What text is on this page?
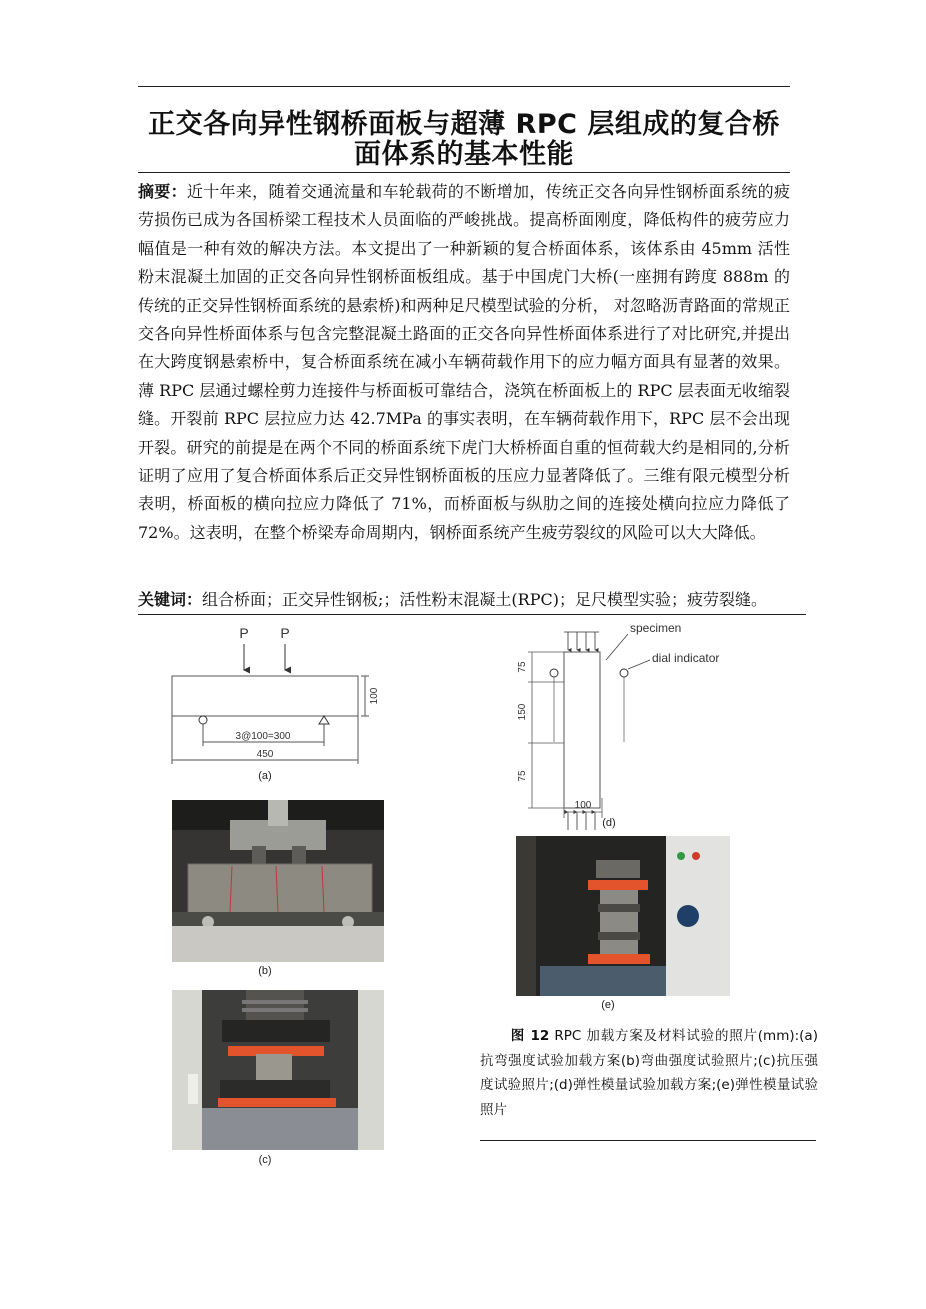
正交各向异性钢桥面板与超薄 RPC 层组成的复合桥面体系的基本性能
摘要：近十年来，随着交通流量和车轮载荷的不断增加，传统正交各向异性钢桥面系统的疲劳损伤已成为各国桥梁工程技术人员面临的严峻挑战。提高桥面刚度，降低构件的疲劳应力幅值是一种有效的解决方法。本文提出了一种新颖的复合桥面体系，该体系由 45mm 活性粉末混凝土加固的正交各向异性钢桥面板组成。基于中国虎门大桥(一座拥有跨度 888m 的传统的正交异性钢桥面系统的悬索桥)和两种足尺模型试验的分析， 对忽略沥青路面的常规正交各向异性桥面体系与包含完整混凝土路面的正交各向异性桥面体系进行了对比研究,并提出在大跨度钢悬索桥中，复合桥面系统在减小车辆荷载作用下的应力幅方面具有显著的效果。薄 RPC 层通过螺栓剪力连接件与桥面板可靠结合，浇筑在桥面板上的 RPC 层表面无收缩裂缝。开裂前 RPC 层拉应力达 42.7MPa 的事实表明，在车辆荷载作用下，RPC 层不会出现开裂。研究的前提是在两个不同的桥面系统下虎门大桥桥面自重的恒荷载大约是相同的,分析证明了应用了复合桥面体系后正交异性钢桥面板的压应力显著降低了。三维有限元模型分析表明，桥面板的横向拉应力降低了 71%，而桥面板与纵肋之间的连接处横向拉应力降低了 72%。这表明，在整个桥梁寿命周期内，钢桥面系统产生疲劳裂纹的风险可以大大降低。
关键词：组合桥面；正交异性钢板;；活性粉末混凝土(RPC)；足尺模型实验；疲劳裂缝。
P P
100
3@100=300
450
(a)
(b)
(c)
specimen
dial indicator
75
150
75
100
(d)
(e)
图 12 RPC 加载方案及材料试验的照片(mm):(a)抗弯强度试验加载方案(b)弯曲强度试验照片;(c)抗压强度试验照片;(d)弹性模量试验加载方案;(e)弹性模量试验照片
